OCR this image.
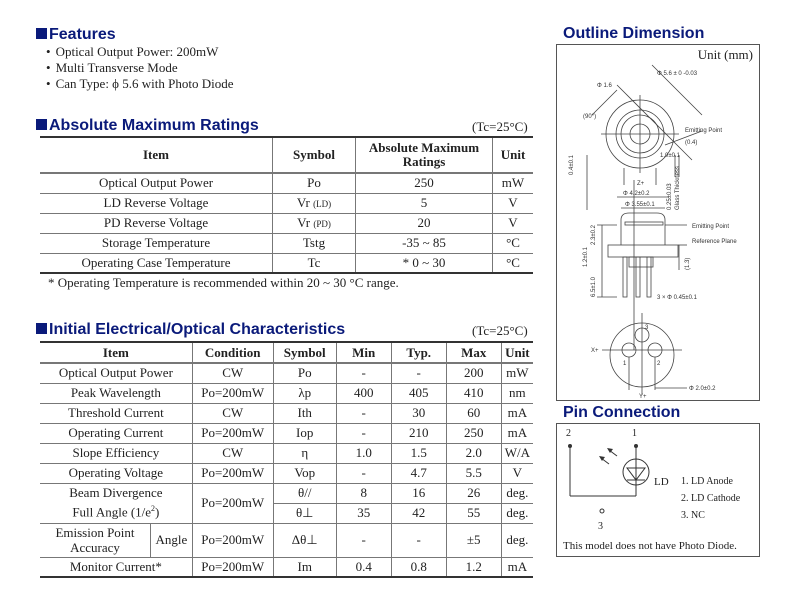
Features
• Optical Output Power: 200mW
• Multi Transverse Mode
• Can Type: ϕ 5.6 with Photo Diode
Absolute Maximum Ratings	(Tc=25°C)
Item	Symbol	Absolute Maximum Ratings	Unit
Optical Output Power	Po	250	mW
LD Reverse Voltage	Vr (LD)	5	V
PD Reverse Voltage	Vr (PD)	20	V
Storage Temperature	Tstg	-35 ~ 85	°C
Operating Case Temperature	Tc	* 0 ~ 30	°C
* Operating Temperature is recommended within 20 ~ 30 °C range.
Initial Electrical/Optical Characteristics	(Tc=25°C)
Item		Condition	Symbol	Min	Typ.	Max	Unit
Optical Output Power		CW	Po	-	-	200	mW
Peak Wavelength		Po=200mW	λp	400	405	410	nm
Threshold Current		CW	Ith	-	30	60	mA
Operating Current		Po=200mW	Iop	-	210	250	mA
Slope Efficiency		CW	η	1.0	1.5	2.0	W/A
Operating Voltage		Po=200mW	Vop	-	4.7	5.5	V
Beam Divergence
Full Angle $(1/e^2)$		Po=200mW	θ//	8	16	26	deg.
			θ⊥	35	42	55	deg.
Emission Point Accuracy	Angle	Po=200mW	Δθ⊥	-	-	±5	deg.
Monitor Current*		Po=200mW	Im	0.4	0.8	1.2	mA
Outline Dimension
Unit (mm)
Φ 1.6
Φ 5.6 ± 0 -0.03
(90°)
Emitting Point
(0.4)
1.0±0.1
0.4±0.1
Z+	0.25±0.03 Glass Thickness
Φ 4.2±0.2
Φ 3.55±0.1
Emitting Point
Reference Plane
2.3±0.2
1.2±0.1	(1.3)
6.5±1.0
3 × Φ 0.45±0.1
X+
Y+
3
1	2
Φ 2.0±0.2
Pin Connection
2	1
3
LD 1. LD Anode
2. LD Cathode
3. NC
This model does not have Photo Diode.
